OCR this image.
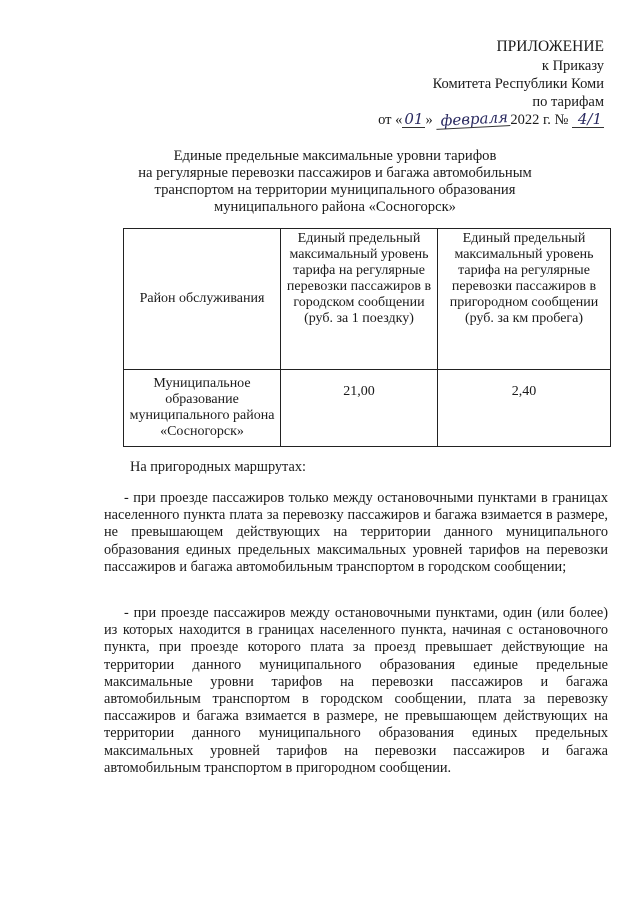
ПРИЛОЖЕНИЕ
к Приказу
Комитета Республики Коми
по тарифам
от « 01 » февраля 2022 г. № 4/1
Единые предельные максимальные уровни тарифов
на регулярные перевозки пассажиров и багажа автомобильным
транспортом на территории муниципального образования
муниципального района «Сосногорск»
Район обслуживания	Единый предельный максимальный уровень тарифа на регулярные перевозки пассажиров в городском сообщении (руб. за 1 поездку)	Единый предельный максимальный уровень тарифа на регулярные перевозки пассажиров в пригородном сообщении (руб. за км пробега)
Муниципальное образование муниципального района «Сосногорск»	21,00	2,40
На пригородных маршрутах:
- при проезде пассажиров только между остановочными пунктами в границах населенного пункта плата за перевозку пассажиров и багажа взимается в размере, не превышающем действующих на территории данного муниципального образования единых предельных максимальных уровней тарифов на перевозки пассажиров и багажа автомобильным транспортом в городском сообщении;
- при проезде пассажиров между остановочными пунктами, один (или более) из которых находится в границах населенного пункта, начиная с остановочного пункта, при проезде которого плата за проезд превышает действующие на территории данного муниципального образования единые предельные максимальные уровни тарифов на перевозки пассажиров и багажа автомобильным транспортом в городском сообщении, плата за перевозку пассажиров и багажа взимается в размере, не превышающем действующих на территории данного муниципального образования единых предельных максимальных уровней тарифов на перевозки пассажиров и багажа автомобильным транспортом в пригородном сообщении.
